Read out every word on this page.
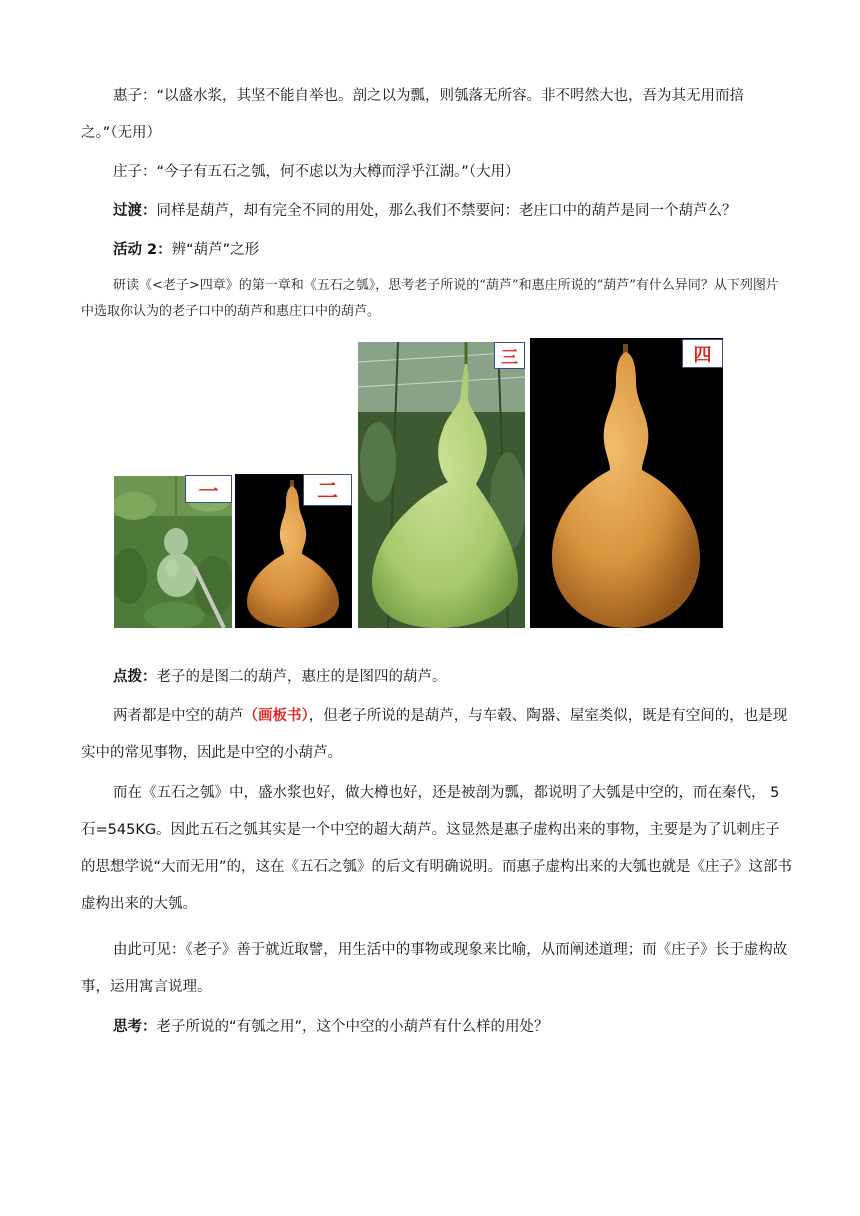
惠子：“以盛水浆，其坚不能自举也。剖之以为瓢，则瓠落无所容。非不呺然大也，吾为其无用而掊之。”（无用）

庄子：“今子有五石之瓠，何不虑以为大樽而浮乎江湖。”（大用）

过渡：同样是葫芦，却有完全不同的用处，那么我们不禁要问：老庄口中的葫芦是同一个葫芦么？

活动 2：辨“葫芦”之形

研读《<老子>四章》的第一章和《五石之瓠》，思考老子所说的“葫芦”和惠庄所说的“葫芦”有什么异同？从下列图片中选取你认为的老子口中的葫芦和惠庄口中的葫芦。

一	二
三	四

点拨：老子的是图二的葫芦，惠庄的是图四的葫芦。

两者都是中空的葫芦（画板书），但老子所说的是葫芦，与车毂、陶器、屋室类似，既是有空间的，也是现实中的常见事物，因此是中空的小葫芦。

而在《五石之瓠》中，盛水浆也好，做大樽也好，还是被剖为瓢，都说明了大瓠是中空的，而在秦代， 5 石=545KG。因此五石之瓠其实是一个中空的超大葫芦。这显然是惠子虚构出来的事物，主要是为了讥刺庄子的思想学说“大而无用”的，这在《五石之瓠》的后文有明确说明。而惠子虚构出来的大瓠也就是《庄子》这部书虚构出来的大瓠。

由此可见：《老子》善于就近取譬，用生活中的事物或现象来比喻，从而阐述道理；而《庄子》长于虚构故事，运用寓言说理。

思考：老子所说的“有瓠之用”，这个中空的小葫芦有什么样的用处？
